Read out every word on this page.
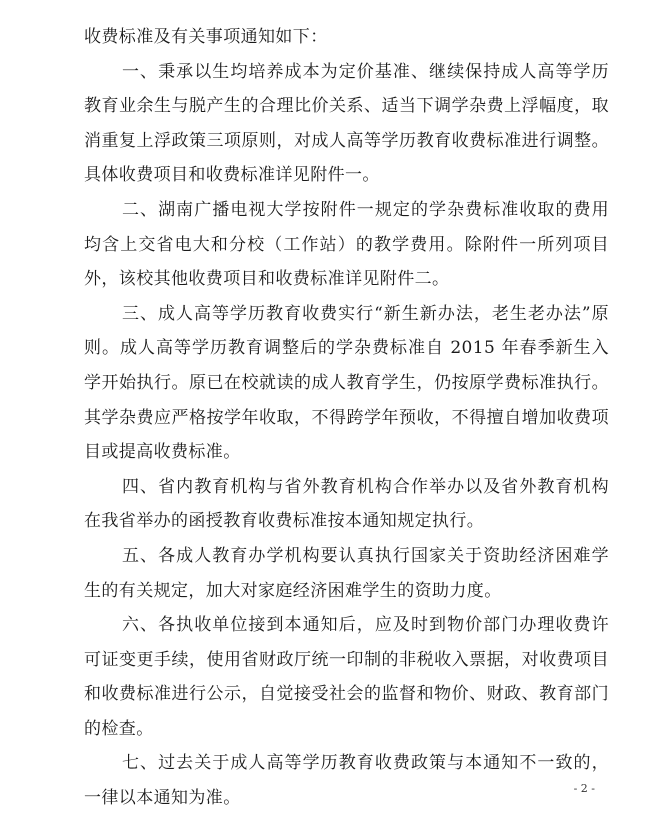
收费标准及有关事项通知如下：

一、秉承以生均培养成本为定价基准、继续保持成人高等学历教育业余生与脱产生的合理比价关系、适当下调学杂费上浮幅度，取消重复上浮政策三项原则，对成人高等学历教育收费标准进行调整。具体收费项目和收费标准详见附件一。

二、湖南广播电视大学按附件一规定的学杂费标准收取的费用均含上交省电大和分校（工作站）的教学费用。除附件一所列项目外，该校其他收费项目和收费标准详见附件二。

三、成人高等学历教育收费实行“新生新办法，老生老办法”原则。成人高等学历教育调整后的学杂费标准自 2015 年春季新生入学开始执行。原已在校就读的成人教育学生，仍按原学费标准执行。其学杂费应严格按学年收取，不得跨学年预收，不得擅自增加收费项目或提高收费标准。

四、省内教育机构与省外教育机构合作举办以及省外教育机构在我省举办的函授教育收费标准按本通知规定执行。

五、各成人教育办学机构要认真执行国家关于资助经济困难学生的有关规定，加大对家庭经济困难学生的资助力度。

六、各执收单位接到本通知后，应及时到物价部门办理收费许可证变更手续，使用省财政厅统一印制的非税收入票据，对收费项目和收费标准进行公示，自觉接受社会的监督和物价、财政、教育部门的检查。

七、过去关于成人高等学历教育收费政策与本通知不一致的，一律以本通知为准。	- 2 -
